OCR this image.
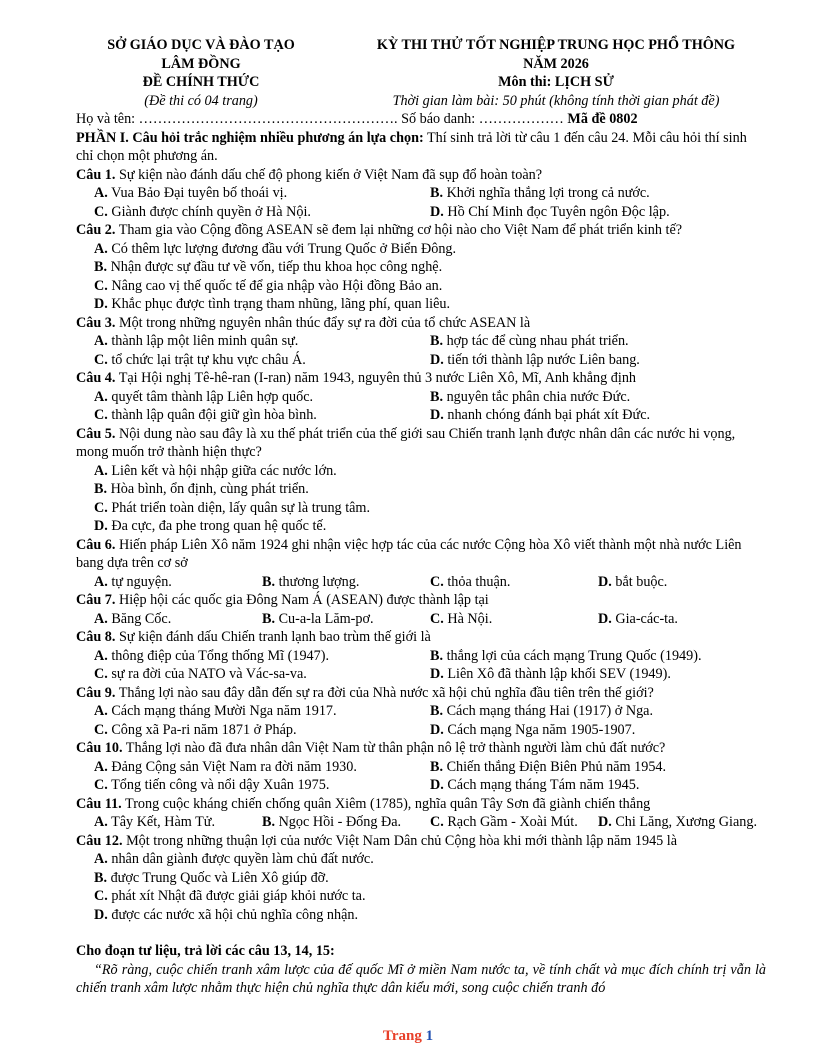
SỞ GIÁO DỤC VÀ ĐÀO TẠO
LÂM ĐỒNG
ĐỀ CHÍNH THỨC
(Đề thi có 04 trang)
KỲ THI THỬ TỐT NGHIỆP TRUNG HỌC PHỔ THÔNG
NĂM 2026
Môn thi: LỊCH SỬ
Thời gian làm bài: 50 phút (không tính thời gian phát đề)
Họ và tên: ………………………………………………. Số báo danh: ………………
Mã đề 0802
PHẦN I. Câu hỏi trắc nghiệm nhiều phương án lựa chọn: Thí sinh trả lời từ câu 1 đến câu 24. Mỗi câu hỏi thí sinh chỉ chọn một phương án.
Câu 1. Sự kiện nào đánh dấu chế độ phong kiến ở Việt Nam đã sụp đổ hoàn toàn?
A. Vua Bảo Đại tuyên bố thoái vị.	B. Khởi nghĩa thắng lợi trong cả nước.
C. Giành được chính quyền ở Hà Nội.	D. Hồ Chí Minh đọc Tuyên ngôn Độc lập.
Câu 2. Tham gia vào Cộng đồng ASEAN sẽ đem lại những cơ hội nào cho Việt Nam để phát triển kinh tế?
A. Có thêm lực lượng đương đầu với Trung Quốc ở Biển Đông.
B. Nhận được sự đầu tư về vốn, tiếp thu khoa học công nghệ.
C. Nâng cao vị thế quốc tế để gia nhập vào Hội đồng Bảo an.
D. Khắc phục được tình trạng tham nhũng, lãng phí, quan liêu.
Câu 3. Một trong những nguyên nhân thúc đẩy sự ra đời của tổ chức ASEAN là
A. thành lập một liên minh quân sự.	B. hợp tác để cùng nhau phát triển.
C. tổ chức lại trật tự khu vực châu Á.	D. tiến tới thành lập nước Liên bang.
Câu 4. Tại Hội nghị Tê-hê-ran (I-ran) năm 1943, nguyên thủ 3 nước Liên Xô, Mĩ, Anh khẳng định
A. quyết tâm thành lập Liên hợp quốc.	B. nguyên tắc phân chia nước Đức.
C. thành lập quân đội giữ gìn hòa bình.	D. nhanh chóng đánh bại phát xít Đức.
Câu 5. Nội dung nào sau đây là xu thế phát triển của thế giới sau Chiến tranh lạnh được nhân dân các nước hi vọng, mong muốn trở thành hiện thực?
A. Liên kết và hội nhập giữa các nước lớn.
B. Hòa bình, ổn định, cùng phát triển.
C. Phát triển toàn diện, lấy quân sự là trung tâm.
D. Đa cực, đa phe trong quan hệ quốc tế.
Câu 6. Hiến pháp Liên Xô năm 1924 ghi nhận việc hợp tác của các nước Cộng hòa Xô viết thành một nhà nước Liên bang dựa trên cơ sở
A. tự nguyện.	B. thương lượng.	C. thỏa thuận.	D. bắt buộc.
Câu 7. Hiệp hội các quốc gia Đông Nam Á (ASEAN) được thành lập tại
A. Băng Cốc.	B. Cu-a-la Lăm-pơ.	C. Hà Nội.	D. Gia-các-ta.
Câu 8. Sự kiện đánh dấu Chiến tranh lạnh bao trùm thế giới là
A. thông điệp của Tổng thống Mĩ (1947).	B. thắng lợi của cách mạng Trung Quốc (1949).
C. sự ra đời của NATO và Vác-sa-va.	D. Liên Xô đã thành lập khối SEV (1949).
Câu 9. Thắng lợi nào sau đây dẫn đến sự ra đời của Nhà nước xã hội chủ nghĩa đầu tiên trên thế giới?
A. Cách mạng tháng Mười Nga năm 1917.	B. Cách mạng tháng Hai (1917) ở Nga.
C. Công xã Pa-ri năm 1871 ở Pháp.	D. Cách mạng Nga năm 1905-1907.
Câu 10. Thắng lợi nào đã đưa nhân dân Việt Nam từ thân phận nô lệ trở thành người làm chủ đất nước?
A. Đảng Cộng sản Việt Nam ra đời năm 1930.	B. Chiến thắng Điện Biên Phủ năm 1954.
C. Tổng tiến công và nổi dậy Xuân 1975.	D. Cách mạng tháng Tám năm 1945.
Câu 11. Trong cuộc kháng chiến chống quân Xiêm (1785), nghĩa quân Tây Sơn đã giành chiến thắng
A. Tây Kết, Hàm Tử.	B. Ngọc Hồi - Đống Đa.	C. Rạch Gầm - Xoài Mút.	D. Chi Lăng, Xương Giang.
Câu 12. Một trong những thuận lợi của nước Việt Nam Dân chủ Cộng hòa khi mới thành lập năm 1945 là
A. nhân dân giành được quyền làm chủ đất nước.
B. được Trung Quốc và Liên Xô giúp đỡ.
C. phát xít Nhật đã được giải giáp khỏi nước ta.
D. được các nước xã hội chủ nghĩa công nhận.
Cho đoạn tư liệu, trả lời các câu 13, 14, 15:
“Rõ ràng, cuộc chiến tranh xâm lược của đế quốc Mĩ ở miền Nam nước ta, về tính chất và mục đích chính trị vẫn là chiến tranh xâm lược nhằm thực hiện chủ nghĩa thực dân kiểu mới, song cuộc chiến tranh đó
Trang 1
